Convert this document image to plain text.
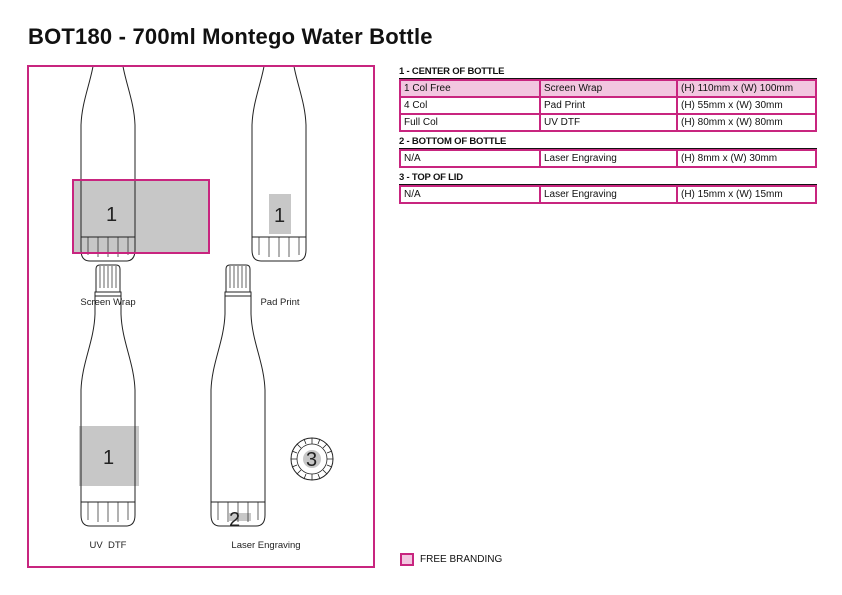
BOT180 - 700ml Montego Water Bottle
1	1
1
2
3
Screen Wrap	Pad Print
UV  DTF	Laser Engraving

1 - CENTER OF BOTTLE

1 Col Free	Screen Wrap	(H) 110mm x (W) 100mm
4 Col	Pad Print	(H) 55mm x (W) 30mm
Full Col	UV DTF	(H) 80mm x (W) 80mm

2 - BOTTOM OF BOTTLE

N/A	Laser Engraving	(H) 8mm x (W) 30mm

3 - TOP OF LID

N/A	Laser Engraving	(H) 15mm x (W) 15mm
FREE BRANDING
